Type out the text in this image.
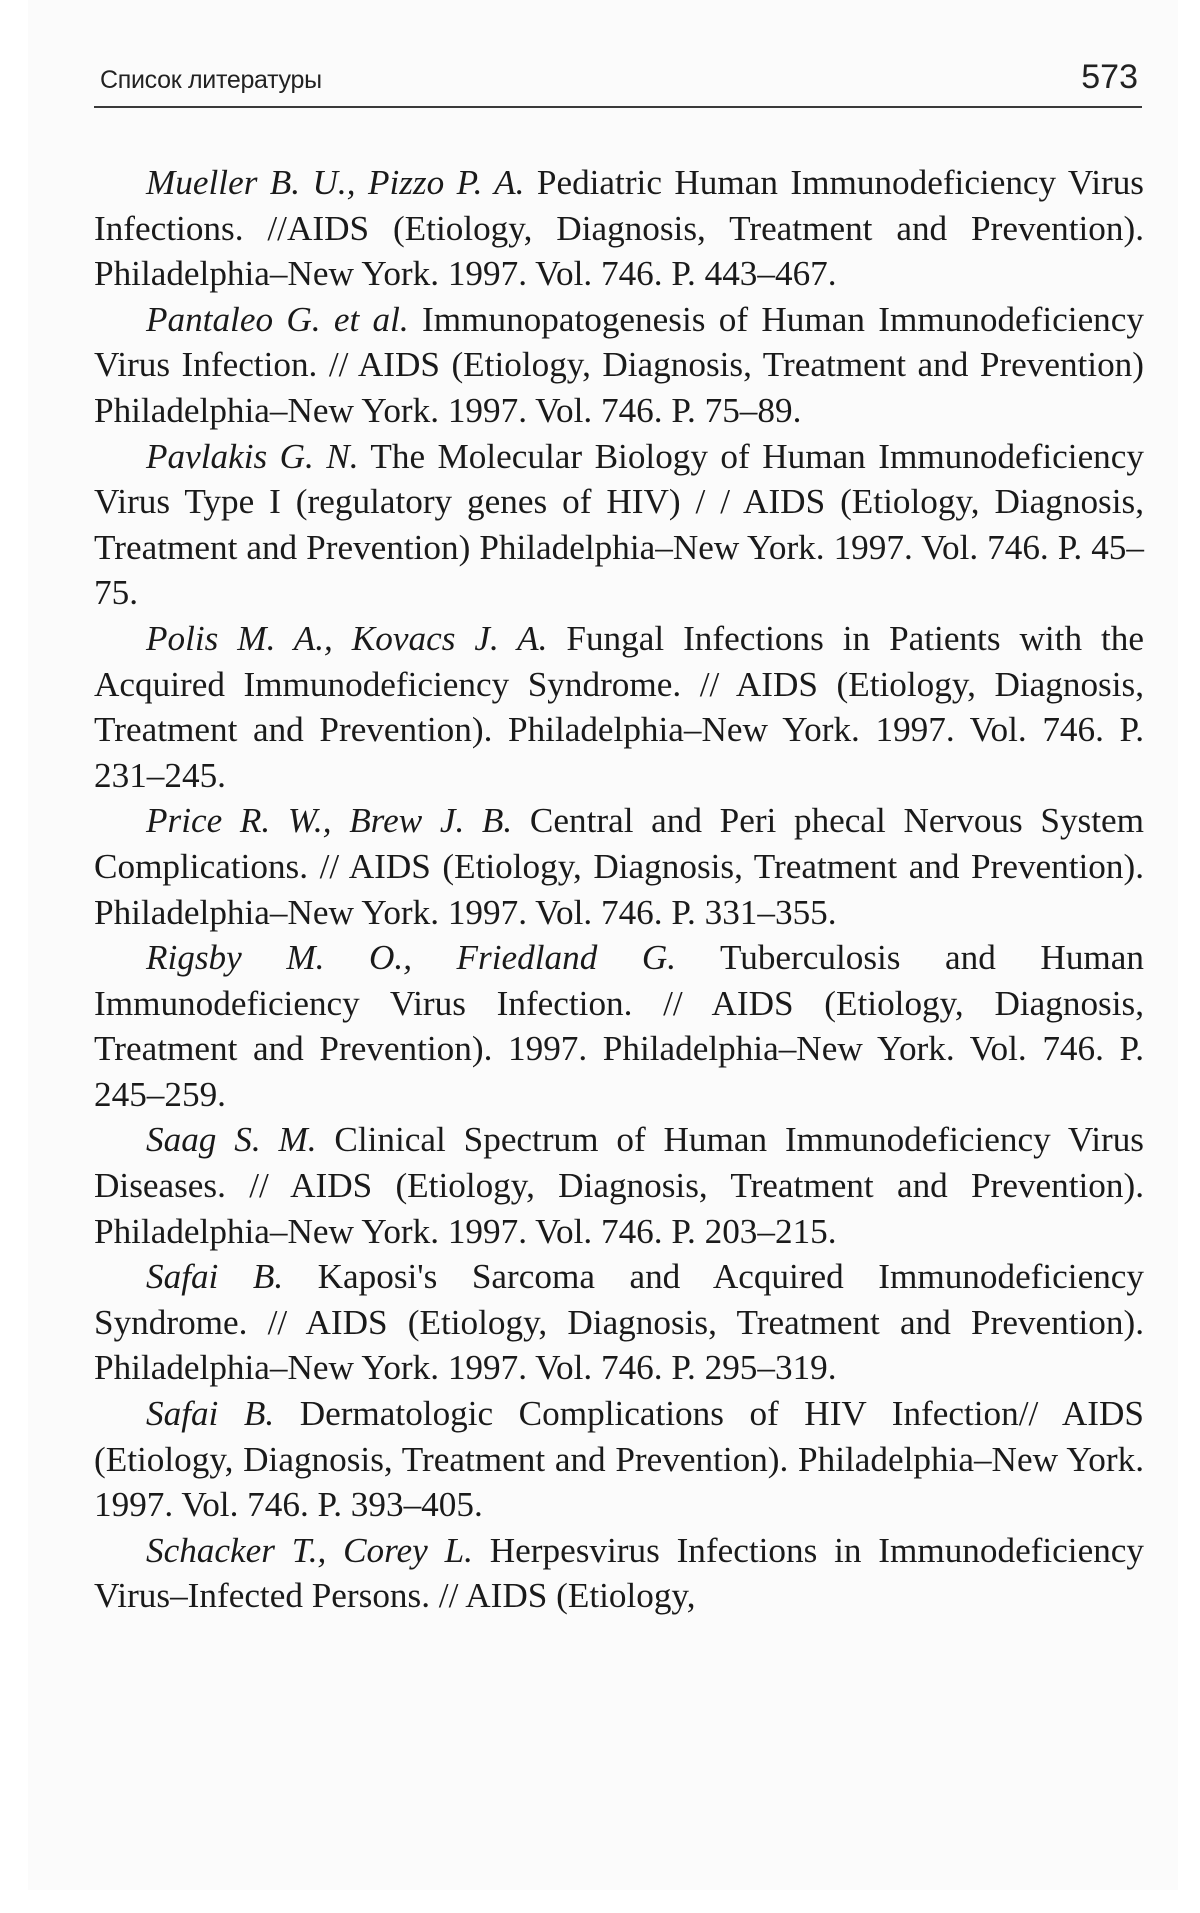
Список литературы	573

Mueller B. U., Pizzo P. A. Pediatric Human Immunodeficiency Virus Infections. //AIDS (Etiology, Diagnosis, Treatment and Prevention). Philadelphia–New York. 1997. Vol. 746. P. 443–467.

Pantaleo G. et al. Immunopatogenesis of Human Immunodeficiency Virus Infection. // AIDS (Etiology, Diagnosis, Treatment and Prevention) Philadelphia–New York. 1997. Vol. 746. P. 75–89.

Pavlakis G. N. The Molecular Biology of Human Immunodeficiency Virus Type I (regulatory genes of HIV) / / AIDS (Etiology, Diagnosis, Treatment and Prevention) Philadelphia–New York. 1997. Vol. 746. P. 45–75.

Polis M. A., Kovacs J. A. Fungal Infections in Patients with the Acquired Immunodeficiency Syndrome. // AIDS (Etiology, Diagnosis, Treatment and Prevention). Philadelphia–New York. 1997. Vol. 746. P. 231–245.

Price R. W., Brew J. B. Central and Peri phecal Nervous System Complications. // AIDS (Etiology, Diagnosis, Treatment and Prevention). Philadelphia–New York. 1997. Vol. 746. P. 331–355.

Rigsby M. O., Friedland G. Tuberculosis and Human Immunodeficiency Virus Infection. // AIDS (Etiology, Diagnosis, Treatment and Prevention). 1997. Philadelphia–New York. Vol. 746. P. 245–259.

Saag S. M. Clinical Spectrum of Human Immunodeficiency Virus Diseases. // AIDS (Etiology, Diagnosis, Treatment and Prevention). Philadelphia–New York. 1997. Vol. 746. P. 203–215.

Safai B. Kaposi's Sarcoma and Acquired Immunodeficiency Syndrome. // AIDS (Etiology, Diagnosis, Treatment and Prevention). Philadelphia–New York. 1997. Vol. 746. P. 295–319.

Safai B. Dermatologic Complications of HIV Infection// AIDS (Etiology, Diagnosis, Treatment and Prevention). Philadelphia–New York. 1997. Vol. 746. P. 393–405.

Schacker T., Corey L. Herpesvirus Infections in Immunodeficiency Virus–Infected Persons. // AIDS (Etiology,
